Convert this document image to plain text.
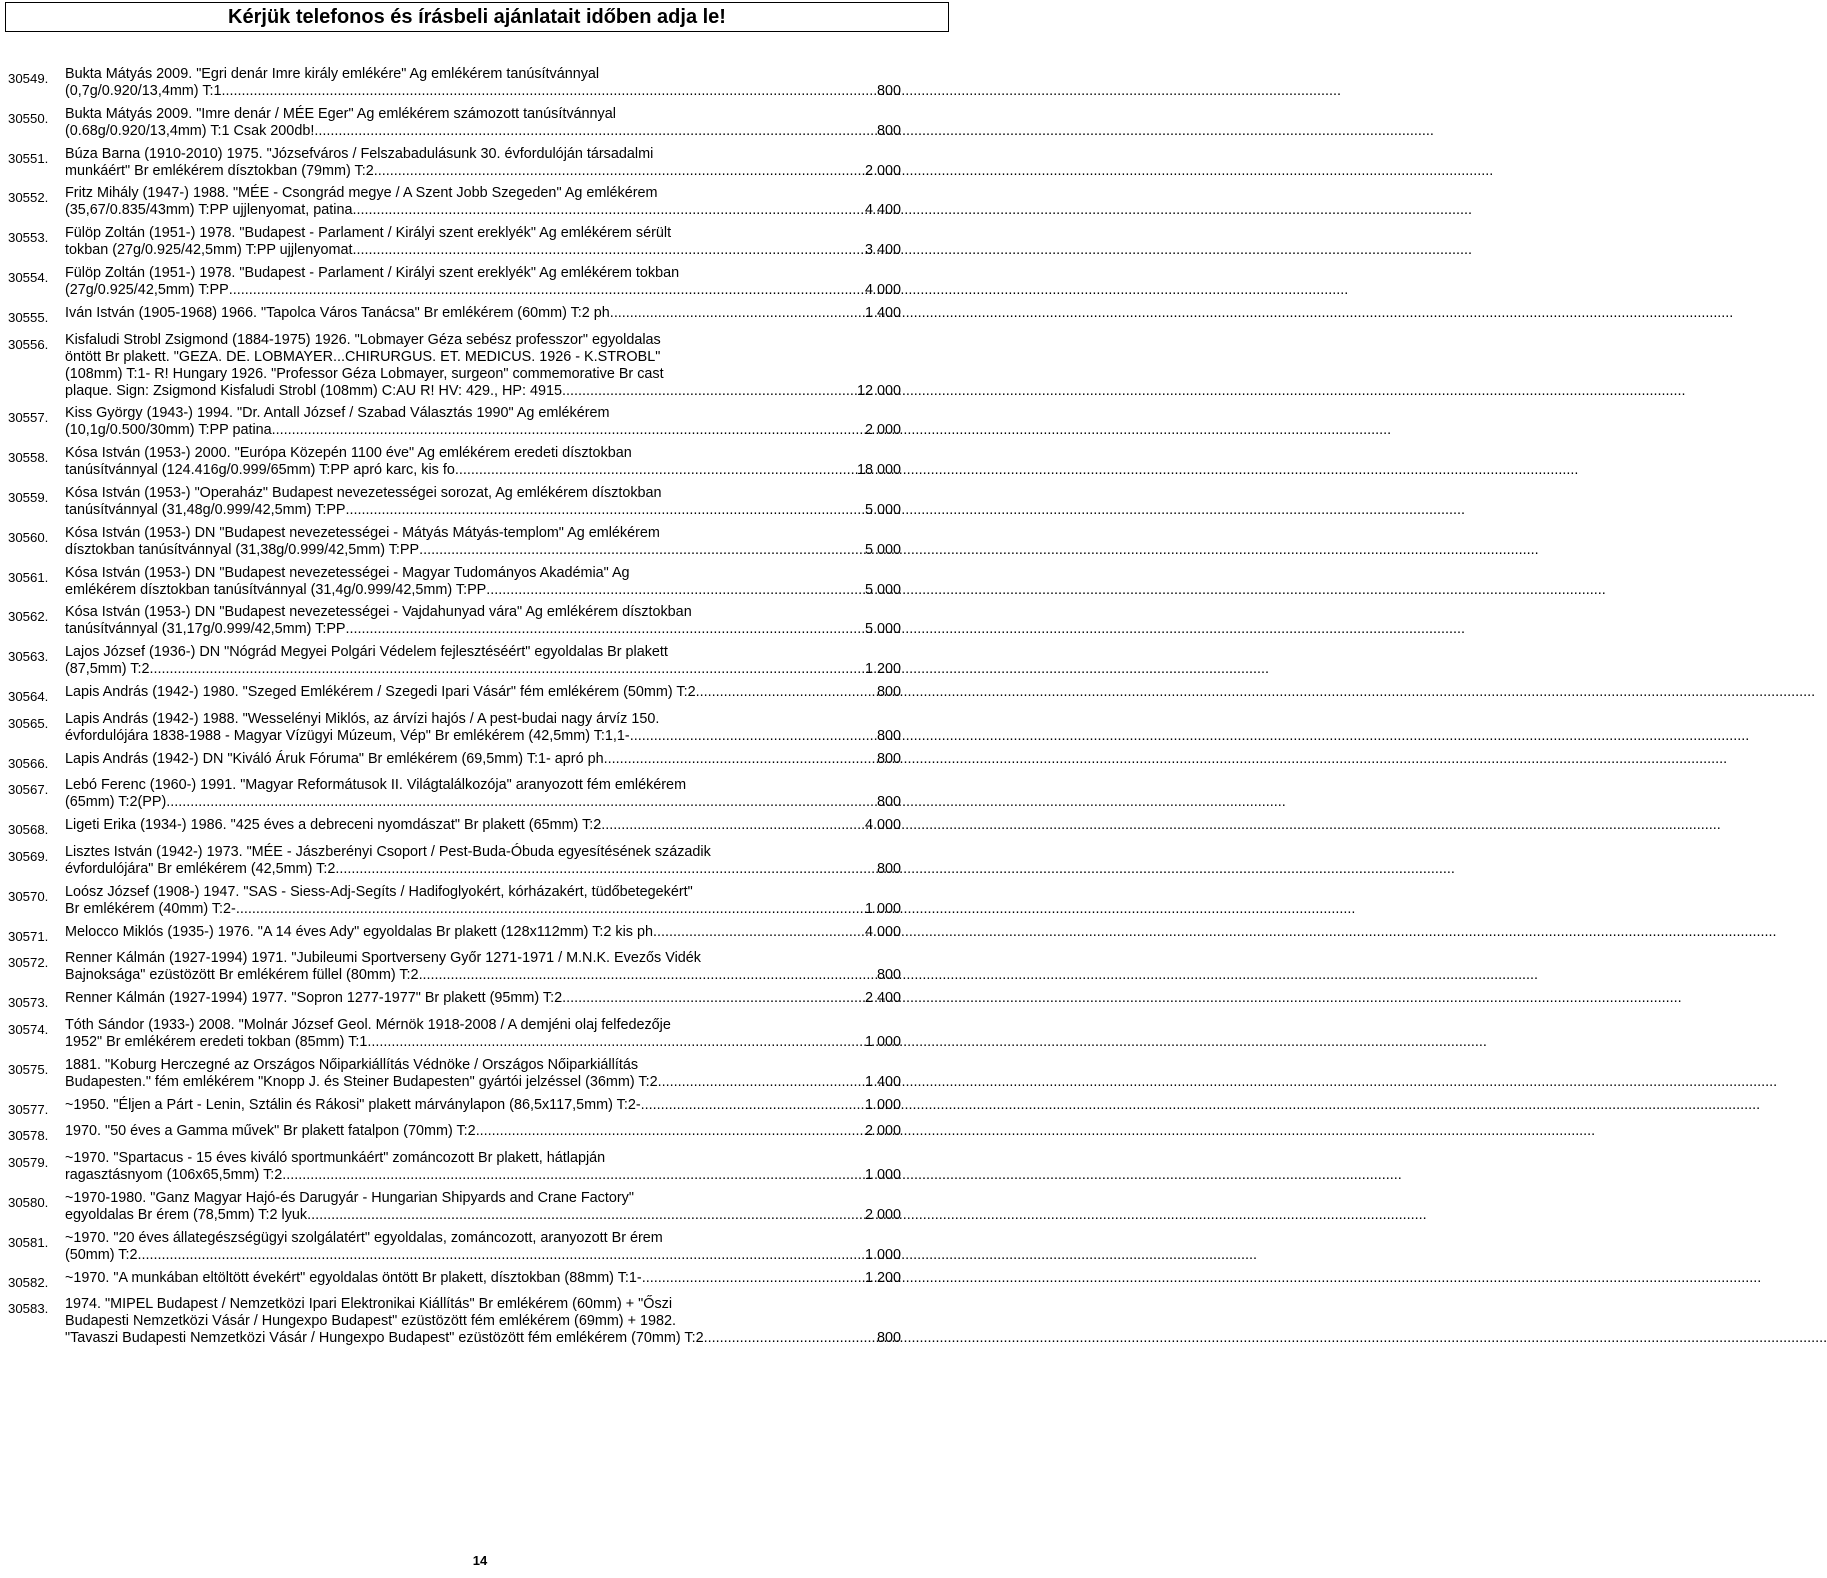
Kérjük telefonos és írásbeli ajánlatait időben adja le!
30549.	Bukta Mátyás 2009. "Egri denár Imre király emlékére" Ag emlékérem tanúsítvánnyal
(0,7g/0.920/13,4mm) T:1 .....	800
30550.	Bukta Mátyás 2009. "Imre denár / MÉE Eger" Ag emlékérem számozott tanúsítvánnyal
(0.68g/0.920/13,4mm) T:1 Csak 200db! .....	800
30551.	Búza Barna (1910-2010) 1975. "Józsefváros / Felszabadulásunk 30. évfordulóján társadalmi
munkáért" Br emlékérem dísztokban (79mm) T:2 .....	2 000
30552.	Fritz Mihály (1947-) 1988. "MÉE - Csongrád megye / A Szent Jobb Szegeden" Ag emlékérem
(35,67/0.835/43mm) T:PP ujjlenyomat, patina .....	4 400
30553.	Fülöp Zoltán (1951-) 1978. "Budapest - Parlament / Királyi szent ereklyék" Ag emlékérem sérült
tokban (27g/0.925/42,5mm) T:PP ujjlenyomat .....	3 400
30554.	Fülöp Zoltán (1951-) 1978. "Budapest - Parlament / Királyi szent ereklyék" Ag emlékérem tokban
(27g/0.925/42,5mm) T:PP .....	4 000
30555.	Iván István (1905-1968) 1966. "Tapolca Város Tanácsa" Br emlékérem (60mm) T:2 ph. .....	1 400
30556.	Kisfaludi Strobl Zsigmond (1884-1975) 1926. "Lobmayer Géza sebész professzor" egyoldalas
öntött Br plakett. "GEZA. DE. LOBMAYER...CHIRURGUS. ET. MEDICUS. 1926 - K.STROBL"
(108mm) T:1- R! Hungary 1926. "Professor Géza Lobmayer, surgeon" commemorative Br cast
plaque. Sign: Zsigmond Kisfaludi Strobl (108mm) C:AU R! HV: 429., HP: 4915. .....	12 000
30557.	Kiss György (1943-) 1994. "Dr. Antall József / Szabad Választás 1990" Ag emlékérem
(10,1g/0.500/30mm) T:PP patina .....	2 000
30558.	Kósa István (1953-) 2000. "Európa Közepén 1100 éve" Ag emlékérem eredeti dísztokban
tanúsítvánnyal (124.416g/0.999/65mm) T:PP apró karc, kis fo. .....	18 000
30559.	Kósa István (1953-) "Operaház" Budapest nevezetességei sorozat, Ag emlékérem dísztokban
tanúsítvánnyal (31,48g/0.999/42,5mm) T:PP .....	5 000
30560.	Kósa István (1953-) DN "Budapest nevezetességei - Mátyás Mátyás-templom" Ag emlékérem
dísztokban tanúsítvánnyal (31,38g/0.999/42,5mm) T:PP .....	5 000
30561.	Kósa István (1953-) DN "Budapest nevezetességei - Magyar Tudományos Akadémia" Ag
emlékérem dísztokban tanúsítvánnyal (31,4g/0.999/42,5mm) T:PP .....	5 000
30562.	Kósa István (1953-) DN "Budapest nevezetességei - Vajdahunyad vára" Ag emlékérem dísztokban
tanúsítvánnyal (31,17g/0.999/42,5mm) T:PP .....	5 000
30563.	Lajos József (1936-) DN "Nógrád Megyei Polgári Védelem fejlesztéséért" egyoldalas Br plakett
(87,5mm) T:2 .....	1 200
30564.	Lapis András (1942-) 1980. "Szeged Emlékérem / Szegedi Ipari Vásár" fém emlékérem (50mm) T:2 .....	800
30565.	Lapis András (1942-) 1988. "Wesselényi Miklós, az árvízi hajós / A pest-budai nagy árvíz 150.
évfordulójára 1838-1988 - Magyar Vízügyi Múzeum, Vép" Br emlékérem (42,5mm) T:1,1- .....	800
30566.	Lapis András (1942-) DN "Kiváló Áruk Fóruma" Br emlékérem (69,5mm) T:1- apró ph. .....	800
30567.	Lebó Ferenc (1960-) 1991. "Magyar Reformátusok II. Világtalálkozója" aranyozott fém emlékérem
(65mm) T:2(PP) .....	800
30568.	Ligeti Erika (1934-) 1986. "425 éves a debreceni nyomdászat" Br plakett (65mm) T:2 .....	4 000
30569.	Lisztes István (1942-) 1973. "MÉE - Jászberényi Csoport / Pest-Buda-Óbuda egyesítésének századik
évfordulójára" Br emlékérem (42,5mm) T:2 .....	800
30570.	Loósz József (1908-) 1947. "SAS - Siess-Adj-Segíts / Hadifoglyokért, kórházakért, tüdőbetegekért"
Br emlékérem (40mm) T:2- .....	1 000
30571.	Melocco Miklós (1935-) 1976. "A 14 éves Ady" egyoldalas Br plakett (128x112mm) T:2 kis ph. .....	4 000
30572.	Renner Kálmán (1927-1994) 1971. "Jubileumi Sportverseny Győr 1271-1971 / M.N.K. Evezős Vidék
Bajnoksága" ezüstözött Br emlékérem füllel (80mm) T:2 .....	800
30573.	Renner Kálmán (1927-1994) 1977. "Sopron 1277-1977" Br plakett (95mm) T:2 .....	2 400
30574.	Tóth Sándor (1933-) 2008. "Molnár József Geol. Mérnök 1918-2008 / A demjéni olaj felfedezője
1952" Br emlékérem eredeti tokban (85mm) T:1 .....	1 000
30575.	1881. "Koburg Herczegné az Országos Nőiparkiállítás Védnöke / Országos Nőiparkiállítás
Budapesten." fém emlékérem "Knopp J. és Steiner Budapesten" gyártói jelzéssel (36mm) T:2 .....	1 400
30577.	~1950. "Éljen a Párt - Lenin, Sztálin és Rákosi" plakett márványlapon (86,5x117,5mm) T:2- .....	1 000
30578.	1970. "50 éves a Gamma művek" Br plakett fatalpon (70mm) T:2 .....	2 000
30579.	~1970. "Spartacus - 15 éves kiváló sportmunkáért" zománcozott Br plakett, hátlapján
ragasztásnyom (106x65,5mm) T:2 .....	1 000
30580.	~1970-1980. "Ganz Magyar Hajó-és Darugyár - Hungarian Shipyards and Crane Factory"
egyoldalas Br érem (78,5mm) T:2 lyuk .....	2 000
30581.	~1970. "20 éves állategészségügyi szolgálatért" egyoldalas, zománcozott, aranyozott Br érem
(50mm) T:2 .....	1 000
30582.	~1970. "A munkában eltöltött évekért" egyoldalas öntött Br plakett, dísztokban (88mm) T:1- .....	1 200
30583.	1974. "MIPEL Budapest / Nemzetközi Ipari Elektronikai Kiállítás" Br emlékérem (60mm) + "Őszi
Budapesti Nemzetközi Vásár / Hungexpo Budapest" ezüstözött fém emlékérem (69mm) + 1982.
"Tavaszi Budapesti Nemzetközi Vásár / Hungexpo Budapest" ezüstözött fém emlékérem (70mm) T:2. .....	800
14
